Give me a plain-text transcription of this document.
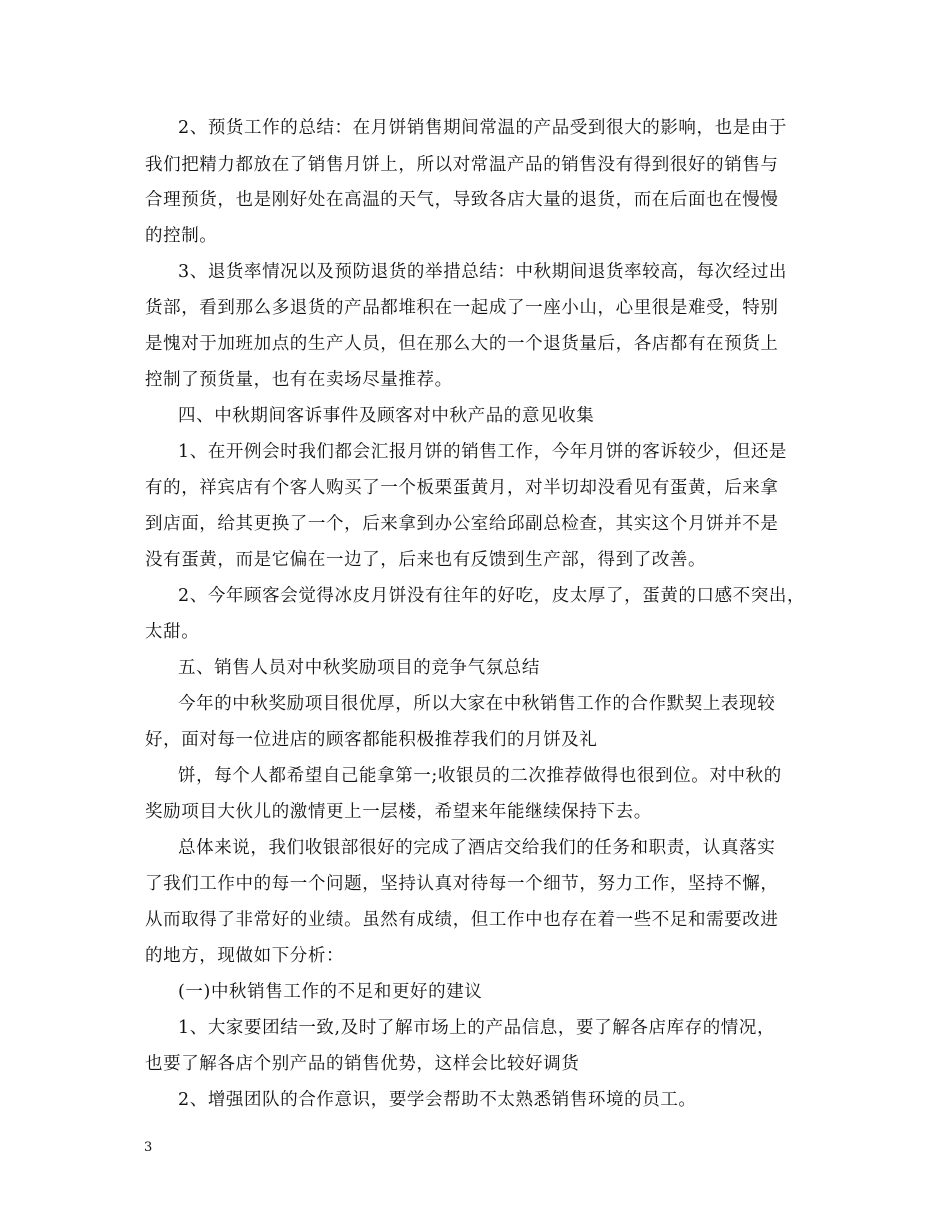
2、预货工作的总结：在月饼销售期间常温的产品受到很大的影响，也是由于
我们把精力都放在了销售月饼上，所以对常温产品的销售没有得到很好的销售与
合理预货，也是刚好处在高温的天气，导致各店大量的退货，而在后面也在慢慢
的控制。
3、退货率情况以及预防退货的举措总结：中秋期间退货率较高，每次经过出
货部，看到那么多退货的产品都堆积在一起成了一座小山，心里很是难受，特别
是愧对于加班加点的生产人员，但在那么大的一个退货量后，各店都有在预货上
控制了预货量，也有在卖场尽量推荐。
四、中秋期间客诉事件及顾客对中秋产品的意见收集
1、在开例会时我们都会汇报月饼的销售工作，今年月饼的客诉较少，但还是
有的，祥宾店有个客人购买了一个板栗蛋黄月，对半切却没看见有蛋黄，后来拿
到店面，给其更换了一个，后来拿到办公室给邱副总检查，其实这个月饼并不是
没有蛋黄，而是它偏在一边了，后来也有反馈到生产部，得到了改善。
2、今年顾客会觉得冰皮月饼没有往年的好吃，皮太厚了，蛋黄的口感不突出，
太甜。
五、销售人员对中秋奖励项目的竞争气氛总结
今年的中秋奖励项目很优厚，所以大家在中秋销售工作的合作默契上表现较
好，面对每一位进店的顾客都能积极推荐我们的月饼及礼
饼，每个人都希望自己能拿第一;收银员的二次推荐做得也很到位。对中秋的
奖励项目大伙儿的激情更上一层楼，希望来年能继续保持下去。
总体来说，我们收银部很好的完成了酒店交给我们的任务和职责，认真落实
了我们工作中的每一个问题，坚持认真对待每一个细节，努力工作，坚持不懈，
从而取得了非常好的业绩。虽然有成绩，但工作中也存在着一些不足和需要改进
的地方，现做如下分析：
(一)中秋销售工作的不足和更好的建议
1、大家要团结一致,及时了解市场上的产品信息，要了解各店库存的情况，
也要了解各店个别产品的销售优势，这样会比较好调货
2、增强团队的合作意识，要学会帮助不太熟悉销售环境的员工。
3
